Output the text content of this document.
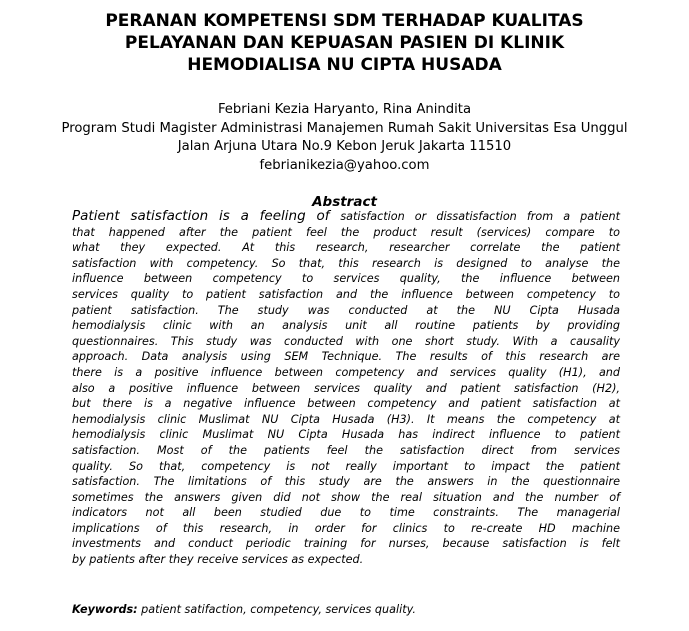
PERANAN KOMPETENSI SDM TERHADAP KUALITAS
PELAYANAN DAN KEPUASAN PASIEN DI KLINIK
HEMODIALISA NU CIPTA HUSADA
Febriani Kezia Haryanto, Rina Anindita
Program Studi Magister Administrasi Manajemen Rumah Sakit Universitas Esa Unggul
Jalan Arjuna Utara No.9 Kebon Jeruk Jakarta 11510
febrianikezia@yahoo.com
Abstract
Patient satisfaction is a feeling of satisfaction or dissatisfaction from a patient
that happened after the patient feel the product result (services) compare to
what they expected. At this research, researcher correlate the patient
satisfaction with competency. So that, this research is designed to analyse the
influence between competency to services quality, the influence between
services quality to patient satisfaction and the influence between competency to
patient satisfaction. The study was conducted at the NU Cipta Husada
hemodialysis clinic with an analysis unit all routine patients by providing
questionnaires. This study was conducted with one short study. With a causality
approach. Data analysis using SEM Technique. The results of this research are
there is a positive influence between competency and services quality (H1), and
also a positive influence between services quality and patient satisfaction (H2),
but there is a negative influence between competency and patient satisfaction at
hemodialysis clinic Muslimat NU Cipta Husada (H3). It means the competency at
hemodialysis clinic Muslimat NU Cipta Husada has indirect influence to patient
satisfaction. Most of the patients feel the satisfaction direct from services
quality. So that, competency is not really important to impact the patient
satisfaction. The limitations of this study are the answers in the questionnaire
sometimes the answers given did not show the real situation and the number of
indicators not all been studied due to time constraints. The managerial
implications of this research, in order for clinics to re-create HD machine
investments and conduct periodic training for nurses, because satisfaction is felt
by patients after they receive services as expected.
Keywords: patient satifaction, competency, services quality.
